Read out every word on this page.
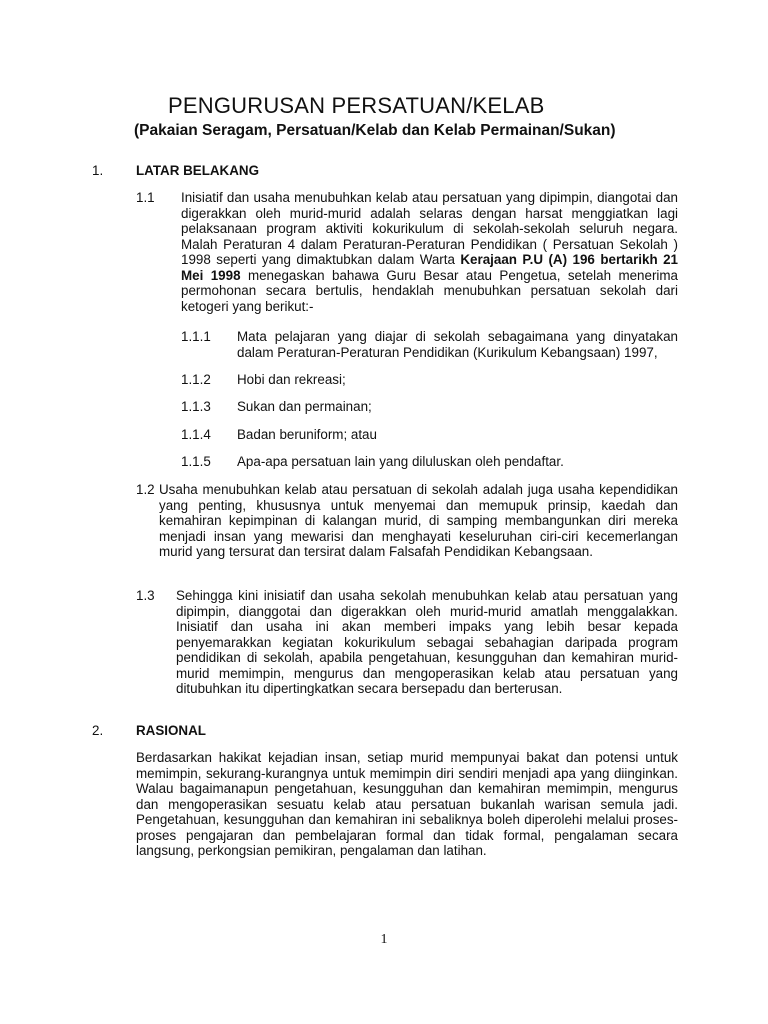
PENGURUSAN PERSATUAN/KELAB
(Pakaian Seragam, Persatuan/Kelab dan Kelab Permainan/Sukan)
1. LATAR BELAKANG
1.1 Inisiatif dan usaha menubuhkan kelab atau persatuan yang dipimpin, diangotai dan digerakkan oleh murid-murid adalah selaras dengan harsat menggiatkan lagi pelaksanaan program aktiviti kokurikulum di sekolah-sekolah seluruh negara. Malah Peraturan 4 dalam Peraturan-Peraturan Pendidikan ( Persatuan Sekolah ) 1998 seperti yang dimaktubkan dalam Warta Kerajaan P.U (A) 196 bertarikh 21 Mei 1998 menegaskan bahawa Guru Besar atau Pengetua, setelah menerima permohonan secara bertulis, hendaklah menubuhkan persatuan sekolah dari ketogeri yang berikut:-
1.1.1 Mata pelajaran yang diajar di sekolah sebagaimana yang dinyatakan dalam Peraturan-Peraturan Pendidikan (Kurikulum Kebangsaan) 1997,
1.1.2 Hobi dan rekreasi;
1.1.3 Sukan dan permainan;
1.1.4 Badan beruniform; atau
1.1.5 Apa-apa persatuan lain yang diluluskan oleh pendaftar.
1.2 Usaha menubuhkan kelab atau persatuan di sekolah adalah juga usaha kependidikan yang penting, khususnya untuk menyemai dan memupuk prinsip, kaedah dan kemahiran kepimpinan di kalangan murid, di samping membangunkan diri mereka menjadi insan yang mewarisi dan menghayati keseluruhan ciri-ciri kecemerlangan murid yang tersurat dan tersirat dalam Falsafah Pendidikan Kebangsaan.
1.3 Sehingga kini inisiatif dan usaha sekolah menubuhkan kelab atau persatuan yang dipimpin, dianggotai dan digerakkan oleh murid-murid amatlah menggalakkan. Inisiatif dan usaha ini akan memberi impaks yang lebih besar kepada penyemarakkan kegiatan kokurikulum sebagai sebahagian daripada program pendidikan di sekolah, apabila pengetahuan, kesungguhan dan kemahiran murid-murid memimpin, mengurus dan mengoperasikan kelab atau persatuan yang ditubuhkan itu dipertingkatkan secara bersepadu dan berterusan.
2. RASIONAL
Berdasarkan hakikat kejadian insan, setiap murid mempunyai bakat dan potensi untuk memimpin, sekurang-kurangnya untuk memimpin diri sendiri menjadi apa yang diinginkan. Walau bagaimanapun pengetahuan, kesungguhan dan kemahiran memimpin, mengurus dan mengoperasikan sesuatu kelab atau persatuan bukanlah warisan semula jadi. Pengetahuan, kesungguhan dan kemahiran ini sebaliknya boleh diperolehi melalui proses-proses pengajaran dan pembelajaran formal dan tidak formal, pengalaman secara langsung, perkongsian pemikiran, pengalaman dan latihan.
1
